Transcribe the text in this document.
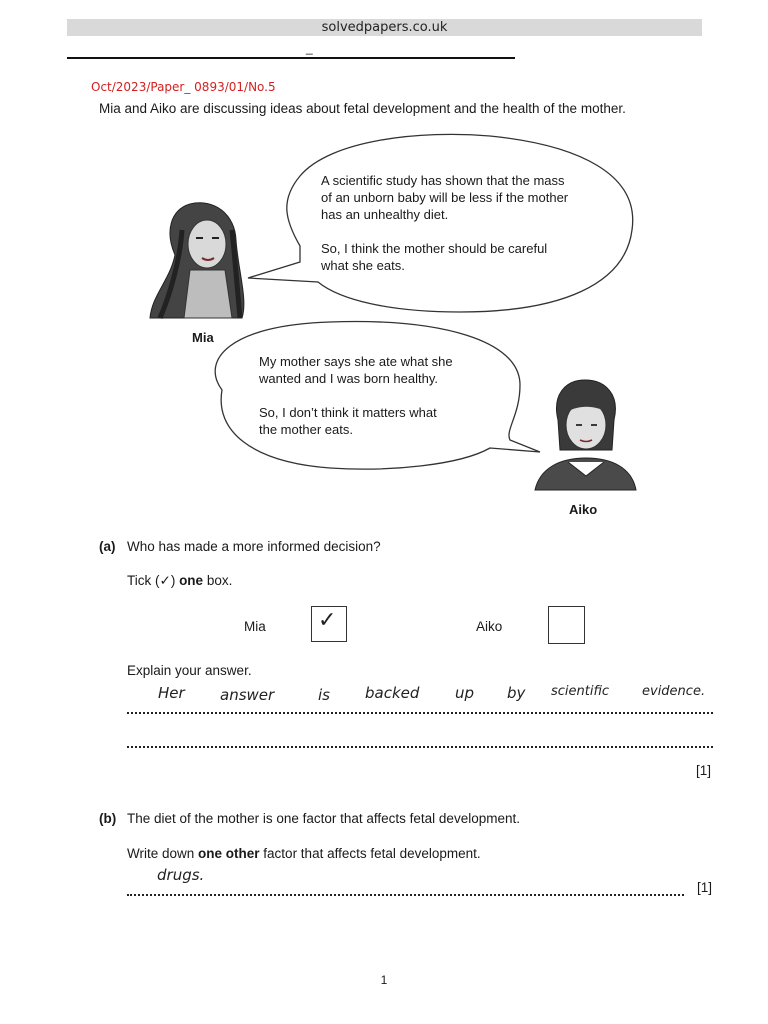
solvedpapers.co.uk
_
Oct/2023/Paper_ 0893/01/No.5
Mia and Aiko are discussing ideas about fetal development and the health of the mother.
A scientific study has shown that the mass
of an unborn baby will be less if the mother
has an unhealthy diet.
So, I think the mother should be careful
what she eats.
Mia
My mother says she ate what she
wanted and I was born healthy.
So, I don’t think it matters what
the mother eats.
Aiko
(a) Who has made a more informed decision?
Tick (✓) one box.
Mia ✓	Aiko
Explain your answer.
Her answer	is backed up by scientific	evidence.
[1]
(b) The diet of the mother is one factor that affects fetal development.
Write down one other factor that affects fetal development.
drugs.
[1]
1
